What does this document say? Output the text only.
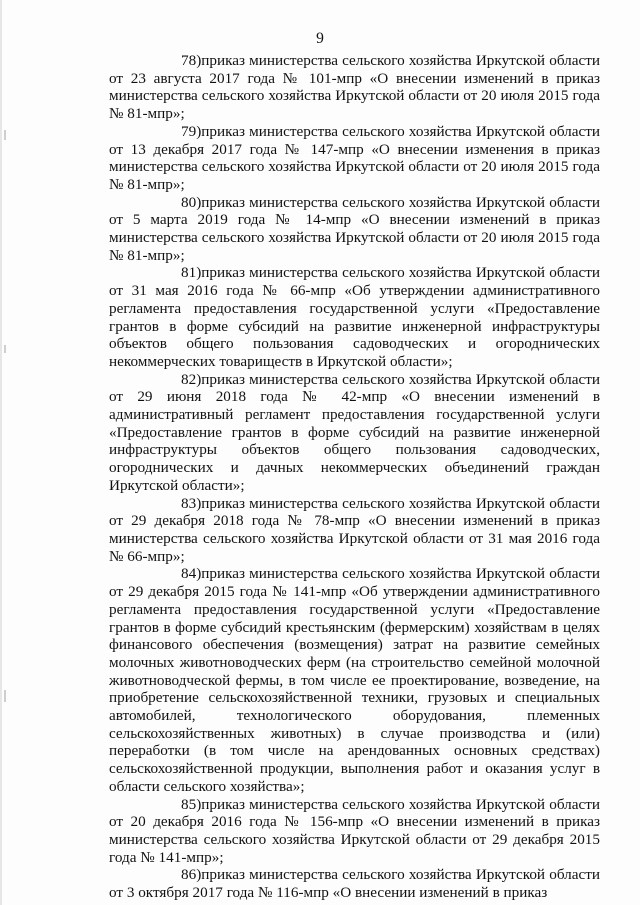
9

78)приказ министерства сельского хозяйства Иркутской области от 23 августа 2017 года № 101-мпр «О внесении изменений в приказ министерства сельского хозяйства Иркутской области от 20 июля 2015 года № 81-мпр»;

79)приказ министерства сельского хозяйства Иркутской области от 13 декабря 2017 года № 147-мпр «О внесении изменения в приказ министерства сельского хозяйства Иркутской области от 20 июля 2015 года № 81-мпр»;

80)приказ министерства сельского хозяйства Иркутской области от 5 марта 2019 года № 14-мпр «О внесении изменений в приказ министерства сельского хозяйства Иркутской области от 20 июля 2015 года № 81-мпр»;

81)приказ министерства сельского хозяйства Иркутской области от 31 мая 2016 года № 66-мпр «Об утверждении административного регламента предоставления государственной услуги «Предоставление грантов в форме субсидий на развитие инженерной инфраструктуры объектов общего пользования садоводческих и огороднических некоммерческих товариществ в Иркутской области»;

82)приказ министерства сельского хозяйства Иркутской области от 29 июня 2018 года № 42-мпр «О внесении изменений в административный регламент предоставления государственной услуги «Предоставление грантов в форме субсидий на развитие инженерной инфраструктуры объектов общего пользования садоводческих, огороднических и дачных некоммерческих объединений граждан Иркутской области»;

83)приказ министерства сельского хозяйства Иркутской области от 29 декабря 2018 года № 78-мпр «О внесении изменений в приказ министерства сельского хозяйства Иркутской области от 31 мая 2016 года № 66-мпр»;

84)приказ министерства сельского хозяйства Иркутской области от 29 декабря 2015 года № 141-мпр «Об утверждении административного регламента предоставления государственной услуги «Предоставление грантов в форме субсидий крестьянским (фермерским) хозяйствам в целях финансового обеспечения (возмещения) затрат на развитие семейных молочных животноводческих ферм (на строительство семейной молочной животноводческой фермы, в том числе ее проектирование, возведение, на приобретение сельскохозяйственной техники, грузовых и специальных автомобилей, технологического оборудования, племенных сельскохозяйственных животных) в случае производства и (или) переработки (в том числе на арендованных основных средствах) сельскохозяйственной продукции, выполнения работ и оказания услуг в области сельского хозяйства»;

85)приказ министерства сельского хозяйства Иркутской области от 20 декабря 2016 года № 156-мпр «О внесении изменений в приказ министерства сельского хозяйства Иркутской области от 29 декабря 2015 года № 141-мпр»;

86)приказ министерства сельского хозяйства Иркутской области от 3 октября 2017 года № 116-мпр «О внесении изменений в приказ
